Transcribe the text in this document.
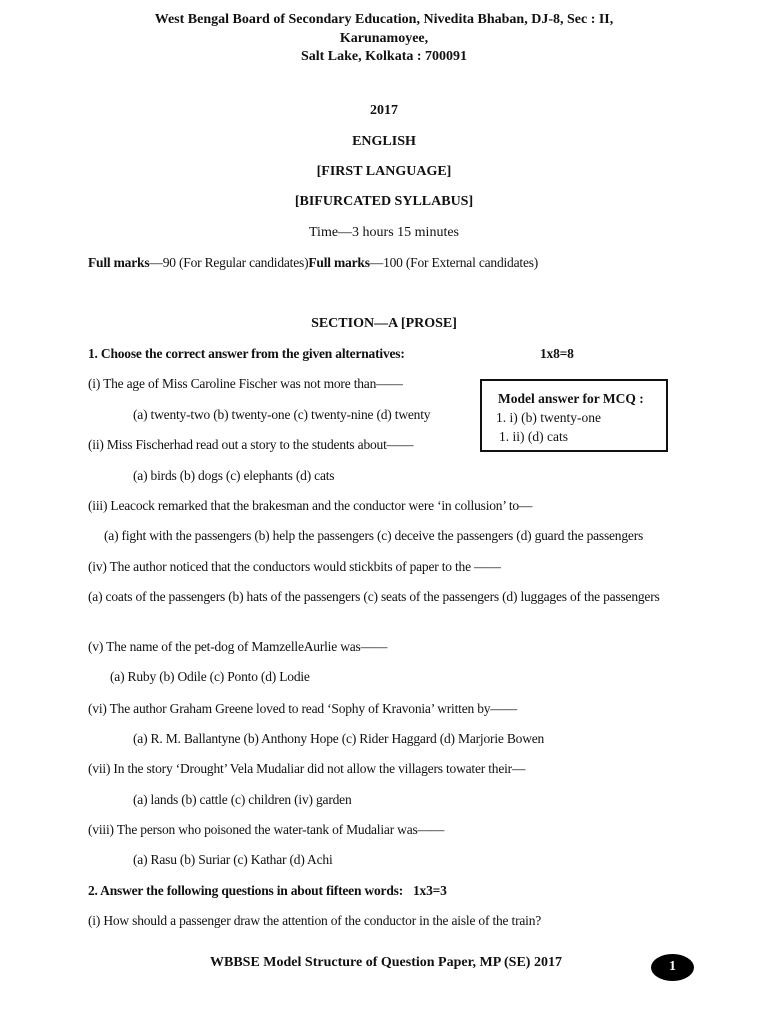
West Bengal Board of Secondary Education, Nivedita Bhaban, DJ-8, Sec : II,
Karunamoyee,
Salt Lake, Kolkata : 700091
2017
ENGLISH
[FIRST LANGUAGE]
[BIFURCATED SYLLABUS]
Time—3 hours 15 minutes
Full marks—90 (For Regular candidates)Full marks—100 (For External candidates)
SECTION—A [PROSE]
1. Choose the correct answer from the given alternatives:	1x8=8
(i) The age of Miss Caroline Fischer was not more than——
(a) twenty-two (b) twenty-one (c) twenty-nine (d) twenty
(ii) Miss Fischerhad read out a story to the students about——
(a) birds (b) dogs (c) elephants (d) cats
(iii) Leacock remarked that the brakesman and the conductor were ‘in collusion’ to—
(a) fight with the passengers (b) help the passengers (c) deceive the passengers (d) guard the passengers
(iv) The author noticed that the conductors would stickbits of paper to the ——
(a) coats of the passengers (b) hats of the passengers (c) seats of the passengers (d) luggages of the passengers
(v) The name of the pet-dog of MamzelleAurlie was——
(a) Ruby (b) Odile (c) Ponto (d) Lodie
(vi) The author Graham Greene loved to read ‘Sophy of Kravonia’ written by——
(a) R. M. Ballantyne (b) Anthony Hope (c) Rider Haggard (d) Marjorie Bowen
(vii) In the story ‘Drought’ Vela Mudaliar did not allow the villagers towater their—
(a) lands (b) cattle (c) children (iv) garden
(viii) The person who poisoned the water-tank of Mudaliar was——
(a) Rasu (b) Suriar (c) Kathar (d) Achi
2. Answer the following questions in about fifteen words: 1x3=3
(i) How should a passenger draw the attention of the conductor in the aisle of the train?
Model answer for MCQ :
1. i) (b) twenty-one
1. ii) (d) cats
WBBSE Model Structure of Question Paper, MP (SE) 2017	1
